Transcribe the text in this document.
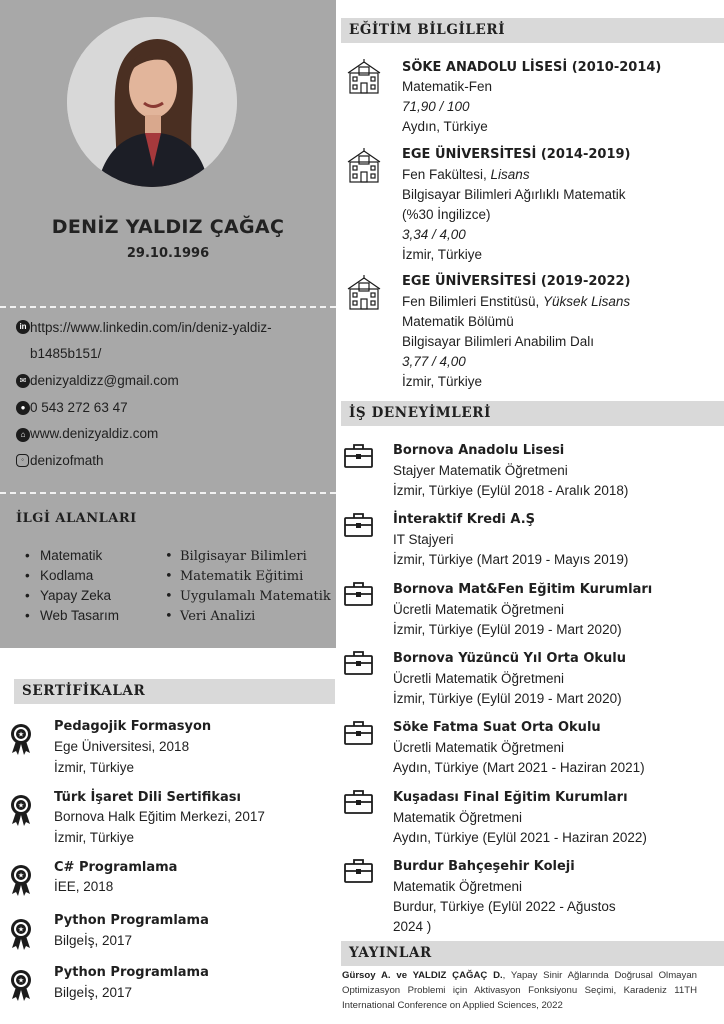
DENİZ YALDIZ ÇAĞAÇ
29.10.1996
in https://www.linkedin.com/in/deniz-yaldiz-
b1485b151/
✉ denizyaldizz@gmail.com
● 0 543 272 63 47
⌂ www.denizyaldiz.com
◦ denizofmath
İLGİ ALANLARI
• Matematik
• Kodlama
• Yapay Zeka
• Web Tasarım
• Bilgisayar Bilimleri
• Matematik Eğitimi
• Uygulamalı Matematik
• Veri Analizi
SERTİFİKALAR
★
Pedagojik Formasyon
Ege Üniversitesi, 2018
İzmir, Türkiye
★
Türk İşaret Dili Sertifikası
Bornova Halk Eğitim Merkezi, 2017
İzmir, Türkiye
★
C# Programlama
İEE, 2018
★
Python Programlama
Bilgeİş, 2017
★
Python Programlama
Bilgeİş, 2017
EĞİTİM BİLGİLERİ
SÖKE ANADOLU LİSESİ (2010-2014)
Matematik-Fen
71,90 / 100
Aydın, Türkiye
EGE ÜNİVERSİTESİ (2014-2019)
Fen Fakültesi, Lisans
Bilgisayar Bilimleri Ağırlıklı Matematik
(%30 İngilizce)
3,34 / 4,00
İzmir, Türkiye
EGE ÜNİVERSİTESİ (2019-2022)
Fen Bilimleri Enstitüsü, Yüksek Lisans
Matematik Bölümü
Bilgisayar Bilimleri Anabilim Dalı
3,77 / 4,00
İzmir, Türkiye
İŞ DENEYİMLERİ
Bornova Anadolu Lisesi
Stajyer Matematik Öğretmeni
İzmir, Türkiye (Eylül 2018 - Aralık 2018)
İnteraktif Kredi A.Ş
IT Stajyeri
İzmir, Türkiye (Mart 2019 - Mayıs 2019)
Bornova Mat&Fen Eğitim Kurumları
Ücretli Matematik Öğretmeni
İzmir, Türkiye (Eylül 2019 - Mart 2020)
Bornova Yüzüncü Yıl Orta Okulu
Ücretli Matematik Öğretmeni
İzmir, Türkiye (Eylül 2019 - Mart 2020)
Söke Fatma Suat Orta Okulu
Ücretli Matematik Öğretmeni
Aydın, Türkiye (Mart 2021 - Haziran 2021)
Kuşadası Final Eğitim Kurumları
Matematik Öğretmeni
Aydın, Türkiye (Eylül 2021 - Haziran 2022)
Burdur Bahçeşehir Koleji
Matematik Öğretmeni
Burdur, Türkiye (Eylül 2022 - Ağustos
2024 )
YAYINLAR
Gürsoy A. ve YALDIZ ÇAĞAÇ D., Yapay Sinir Ağlarında Doğrusal Olmayan Optimizasyon Problemi için Aktivasyon Fonksiyonu Seçimi, Karadeniz 11TH International Conference on Applied Sciences, 2022
